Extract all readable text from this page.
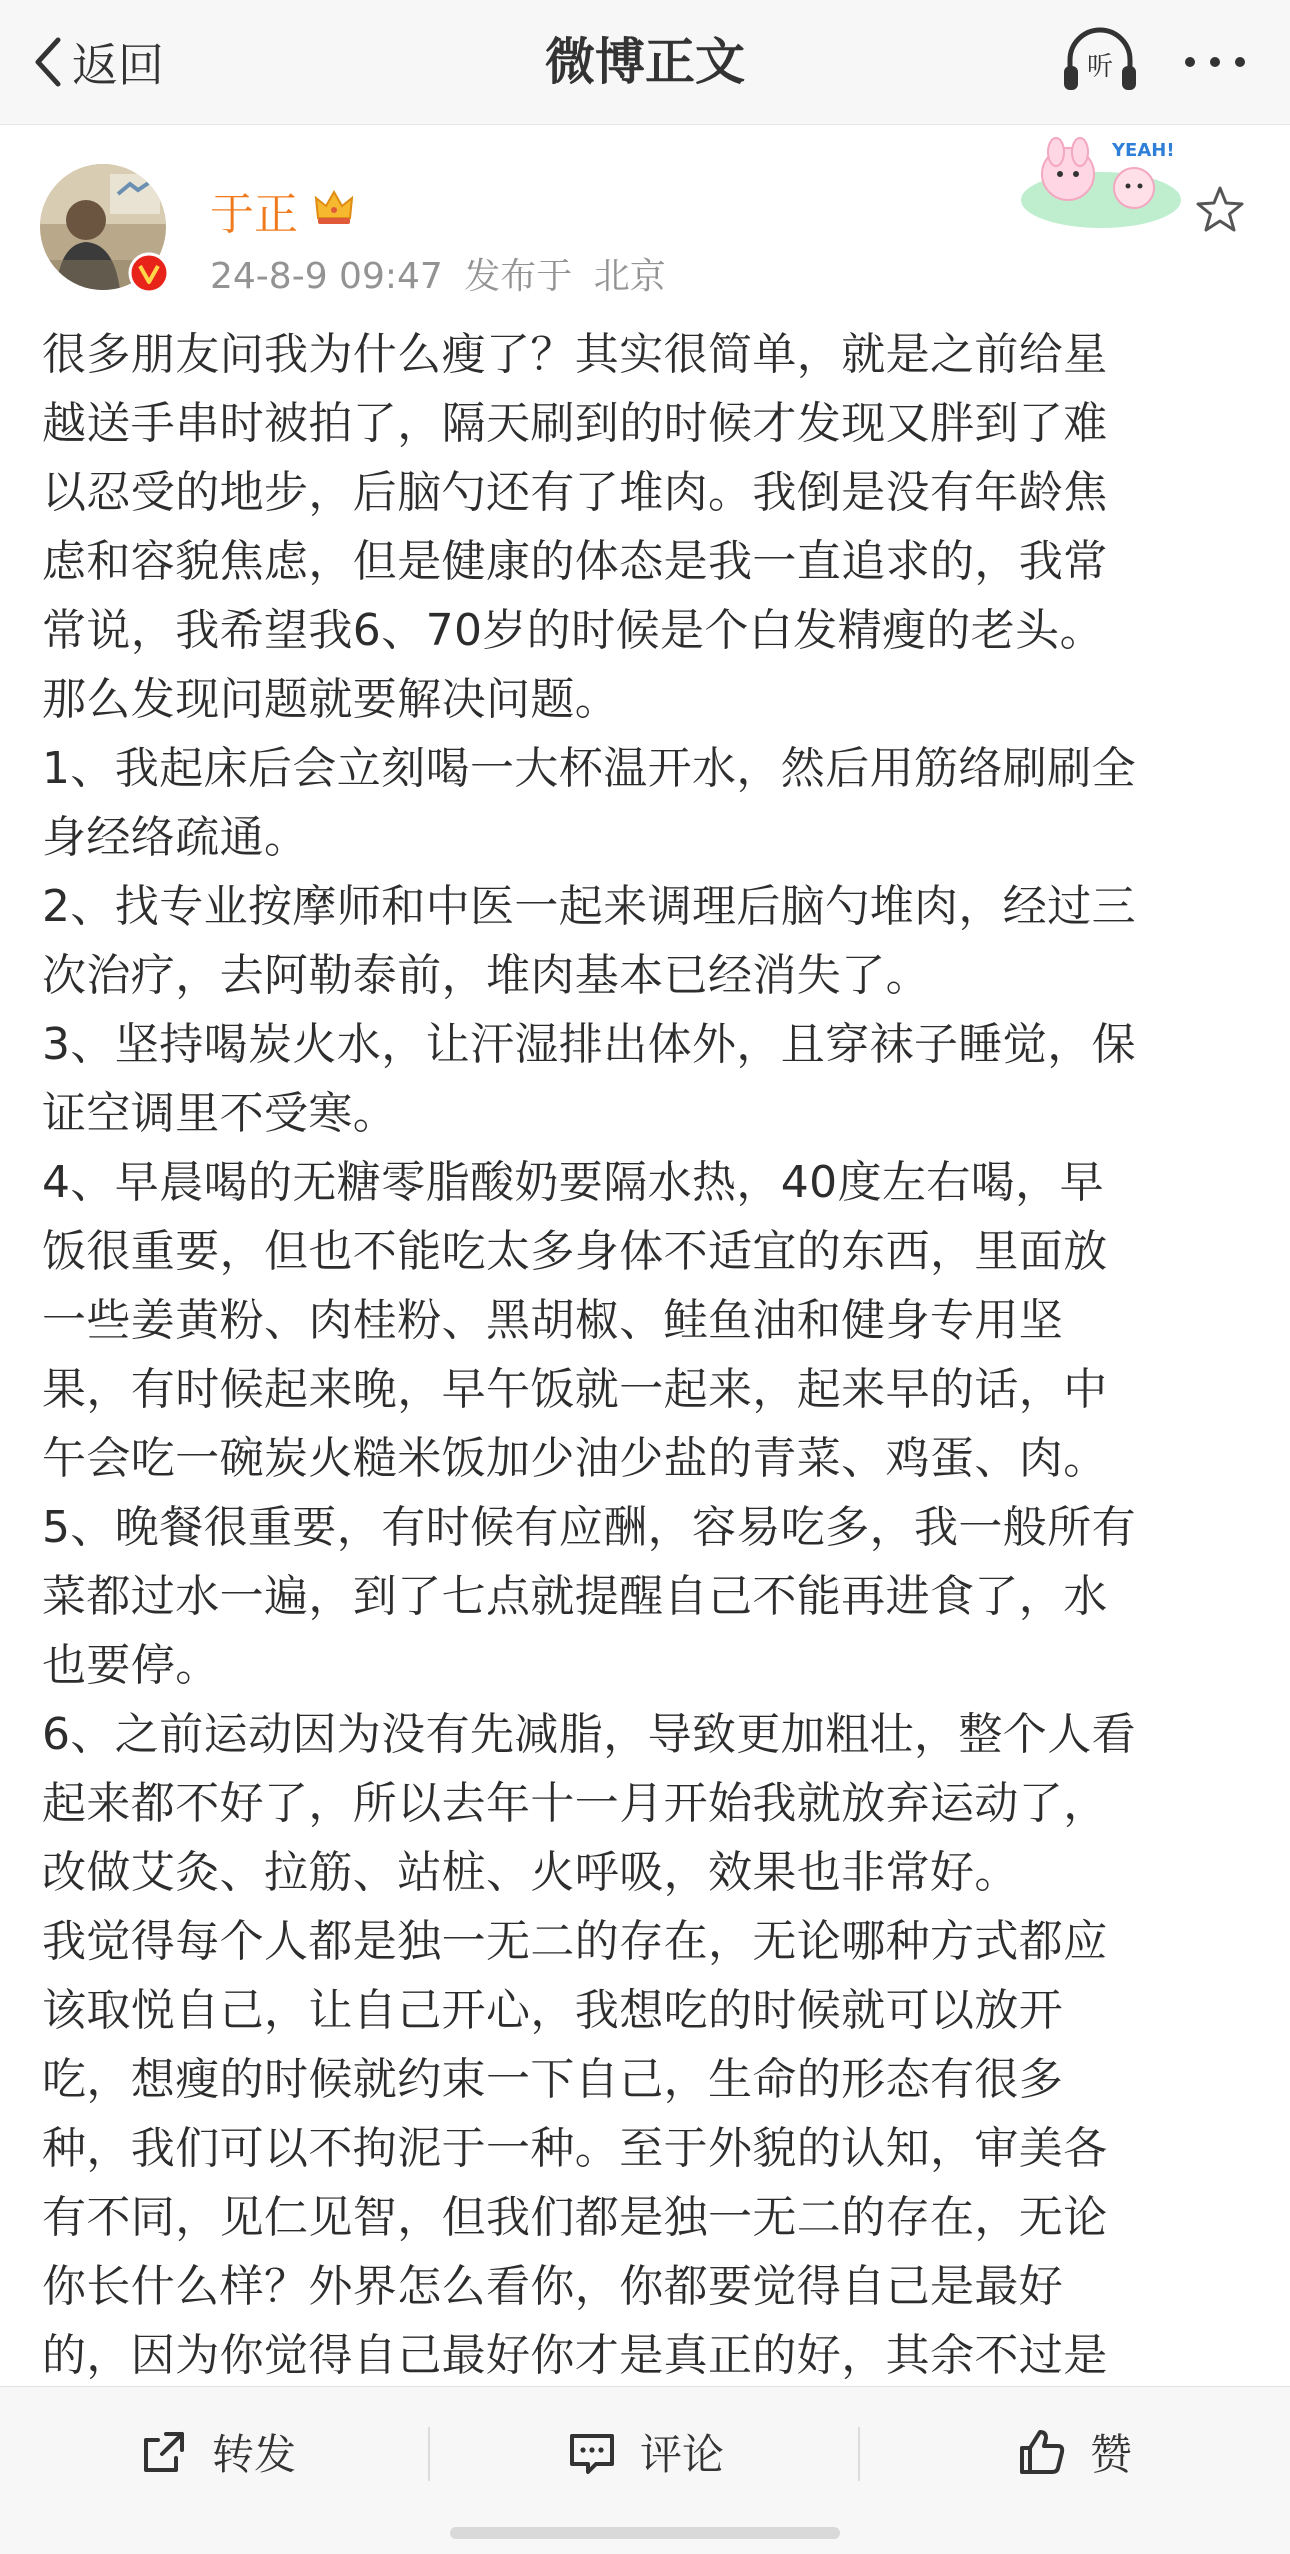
返回	微博正文	听
于正
24-8-9 09:47 发布于 北京
YEAH!
很多朋友问我为什么瘦了？其实很简单，就是之前给星
越送手串时被拍了，隔天刷到的时候才发现又胖到了难
以忍受的地步，后脑勺还有了堆肉。我倒是没有年龄焦
虑和容貌焦虑，但是健康的体态是我一直追求的，我常
常说，我希望我6、70岁的时候是个白发精瘦的老头。
那么发现问题就要解决问题。
1、我起床后会立刻喝一大杯温开水，然后用筋络刷刷全
身经络疏通。
2、找专业按摩师和中医一起来调理后脑勺堆肉，经过三
次治疗，去阿勒泰前，堆肉基本已经消失了。
3、坚持喝炭火水，让汗湿排出体外，且穿袜子睡觉，保
证空调里不受寒。
4、早晨喝的无糖零脂酸奶要隔水热，40度左右喝，早
饭很重要，但也不能吃太多身体不适宜的东西，里面放
一些姜黄粉、肉桂粉、黑胡椒、鲑鱼油和健身专用坚
果，有时候起来晚，早午饭就一起来，起来早的话，中
午会吃一碗炭火糙米饭加少油少盐的青菜、鸡蛋、肉。
5、晚餐很重要，有时候有应酬，容易吃多，我一般所有
菜都过水一遍，到了七点就提醒自己不能再进食了，水
也要停。
6、之前运动因为没有先减脂，导致更加粗壮，整个人看
起来都不好了，所以去年十一月开始我就放弃运动了，
改做艾灸、拉筋、站桩、火呼吸，效果也非常好。
我觉得每个人都是独一无二的存在，无论哪种方式都应
该取悦自己，让自己开心，我想吃的时候就可以放开
吃，想瘦的时候就约束一下自己，生命的形态有很多
种，我们可以不拘泥于一种。至于外貌的认知，审美各
有不同，见仁见智，但我们都是独一无二的存在，无论
你长什么样？外界怎么看你，你都要觉得自己是最好
的，因为你觉得自己最好你才是真正的好，其余不过是
转发	评论	赞
